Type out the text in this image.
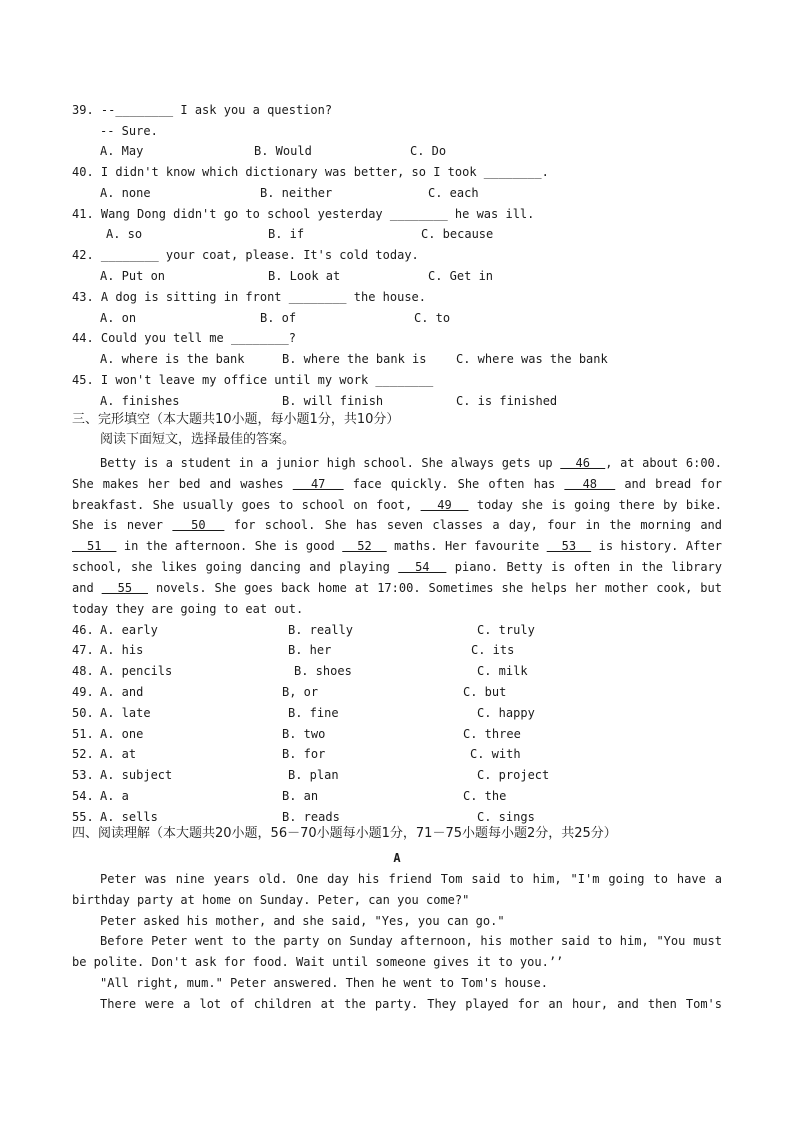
39. --________ I ask you a question?
-- Sure.
A. May	B. Would	C. Do
40. I didn't know which dictionary was better, so I took ________.
A. none	B. neither	C. each
41. Wang Dong didn't go to school yesterday ________ he was ill.
A. so	B. if	C. because
42. ________ your coat, please. It's cold today.
A. Put on	B. Look at	C. Get in
43. A dog is sitting in front ________ the house.
A. on	B. of	C. to
44. Could you tell me ________?
A. where is the bank	B. where the bank is C. where was the bank
45. I won't leave my office until my work ________
A. finishes	B. will finish	C. is finished
三、完形填空（本大题共10小题，每小题1分，共10分）
阅读下面短文，选择最佳的答案。

Betty is a student in a junior high school. She always gets up   46  , at about 6:00. She makes her bed and washes   47   face quickly. She often has   48   and bread for breakfast. She usually goes to school on foot,   49   today she is going there by bike. She is never   50   for school. She has seven classes a day, four in the morning and   51   in the afternoon. She is good   52   maths. Her favourite   53   is history. After school, she likes going dancing and playing   54   piano. Betty is often in the library and   55   novels. She goes back home at 17:00. Sometimes she helps her mother cook, but today they are going to eat out.

46. A. early	B. really	C. truly
47. A. his	B. her	C. its
48. A. pencils	B. shoes	C. milk
49. A. and	B, or	C. but
50. A. late	B. fine	C. happy
51. A. one	B. two	C. three
52. A. at	B. for	C. with
53. A. subject	B. plan	C. project
54. A. a	B. an	C. the
55. A. sells	B. reads	C. sings
四、阅读理解（本大题共20小题，56－70小题每小题1分，71－75小题每小题2分，共25分）
A

Peter was nine years old. One day his friend Tom said to him, "I'm going to have a birthday party at home on Sunday. Peter, can you come?"

Peter asked his mother, and she said, "Yes, you can go."

Before Peter went to the party on Sunday afternoon, his mother said to him, "You must be polite. Don't ask for food. Wait until someone gives it to you.’’

"All right, mum." Peter answered. Then he went to Tom's house.

There were a lot of children at the party. They played for an hour, and then Tom's
